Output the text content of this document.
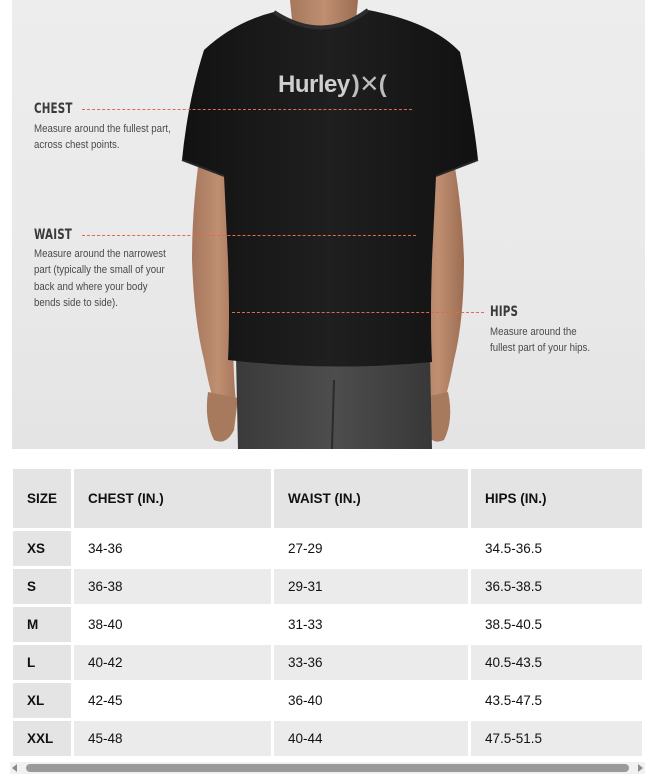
Hurley)✕(
CHEST
Measure around the fullest part,
across chest points.
WAIST
Measure around the narrowest
part (typically the small of your
back and where your body
bends side to side).
HIPS
Measure around the
fullest part of your hips.
SIZE	CHEST (IN.)	WAIST (IN.)	HIPS (IN.)
XS	34-36	27-29	34.5-36.5
S	36-38	29-31	36.5-38.5
M	38-40	31-33	38.5-40.5
L	40-42	33-36	40.5-43.5
XL	42-45	36-40	43.5-47.5
XXL	45-48	40-44	47.5-51.5
